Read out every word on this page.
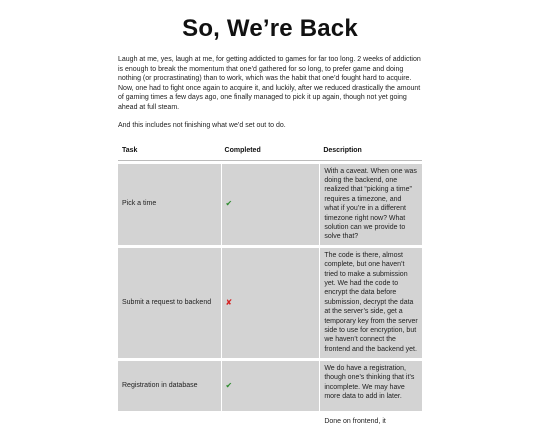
So, We’re Back

Laugh at me, yes, laugh at me, for getting addicted to games for far too long. 2 weeks of addiction is enough to break the momentum that one’d gathered for so long, to prefer game and doing nothing (or procrastinating) than to work, which was the habit that one’d fought hard to acquire. Now, one had to fight once again to acquire it, and luckily, after we reduced drastically the amount of gaming times a few days ago, one finally managed to pick it up again, though not yet going ahead at full steam.

And this includes not finishing what we’d set out to do.

Task	Completed	Description
Pick a time	✔	With a caveat. When one was doing the backend, one realized that “picking a time” requires a timezone, and what if you’re in a different timezone right now? What solution can we provide to solve that?
Submit a request to backend	✘	The code is there, almost complete, but one haven’t tried to make a submission yet. We had the code to encrypt the data before submission, decrypt the data at the server’s side, get a temporary key from the server side to use for encryption, but we haven’t connect the frontend and the backend yet.
Registration in database	✔	We do have a registration, though one’s thinking that it’s incomplete. We may have more data to add in later.
		Done on frontend, it
